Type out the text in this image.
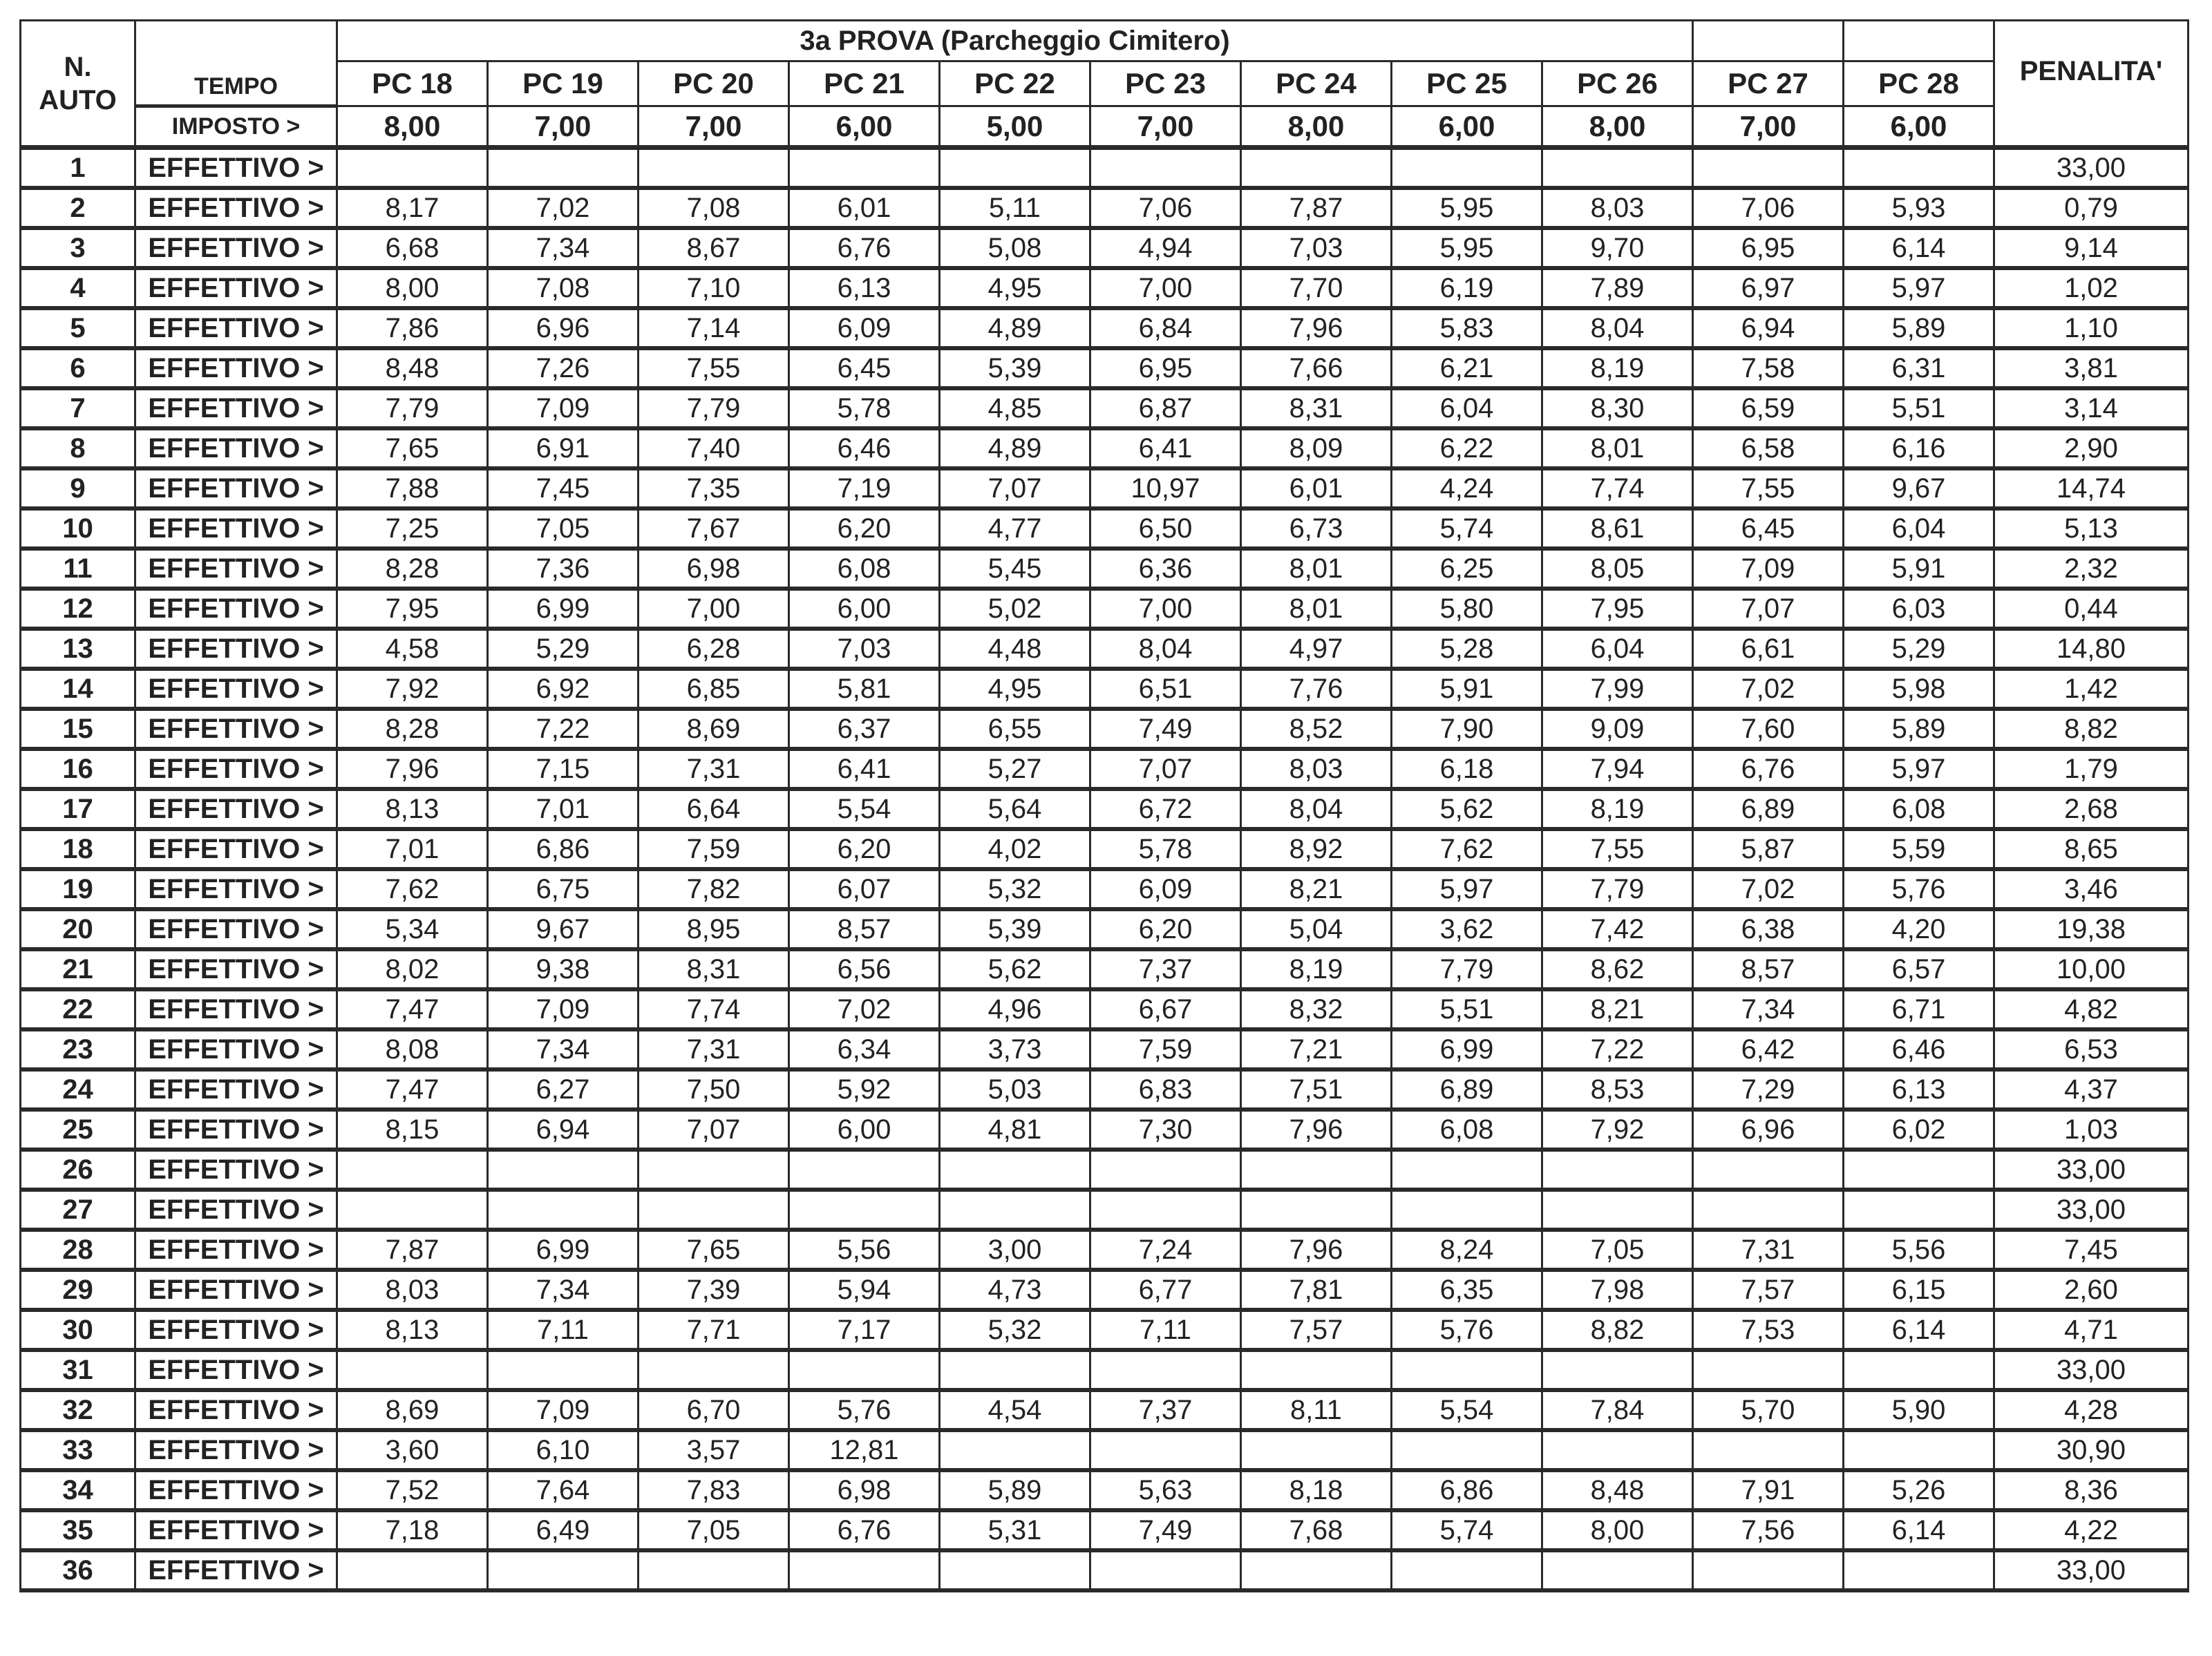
N.
AUTO	TEMPO	3a PROVA (Parcheggio Cimitero)											PENALITA'
		PC 18	PC 19	PC 20	PC 21	PC 22	PC 23	PC 24	PC 25	PC 26	PC 27	PC 28	
	IMPOSTO >	8,00	7,00	7,00	6,00	5,00	7,00	8,00	6,00	8,00	7,00	6,00	
1	EFFETTIVO >												33,00
2	EFFETTIVO >	8,17	7,02	7,08	6,01	5,11	7,06	7,87	5,95	8,03	7,06	5,93	0,79
3	EFFETTIVO >	6,68	7,34	8,67	6,76	5,08	4,94	7,03	5,95	9,70	6,95	6,14	9,14
4	EFFETTIVO >	8,00	7,08	7,10	6,13	4,95	7,00	7,70	6,19	7,89	6,97	5,97	1,02
5	EFFETTIVO >	7,86	6,96	7,14	6,09	4,89	6,84	7,96	5,83	8,04	6,94	5,89	1,10
6	EFFETTIVO >	8,48	7,26	7,55	6,45	5,39	6,95	7,66	6,21	8,19	7,58	6,31	3,81
7	EFFETTIVO >	7,79	7,09	7,79	5,78	4,85	6,87	8,31	6,04	8,30	6,59	5,51	3,14
8	EFFETTIVO >	7,65	6,91	7,40	6,46	4,89	6,41	8,09	6,22	8,01	6,58	6,16	2,90
9	EFFETTIVO >	7,88	7,45	7,35	7,19	7,07	10,97	6,01	4,24	7,74	7,55	9,67	14,74
10	EFFETTIVO >	7,25	7,05	7,67	6,20	4,77	6,50	6,73	5,74	8,61	6,45	6,04	5,13
11	EFFETTIVO >	8,28	7,36	6,98	6,08	5,45	6,36	8,01	6,25	8,05	7,09	5,91	2,32
12	EFFETTIVO >	7,95	6,99	7,00	6,00	5,02	7,00	8,01	5,80	7,95	7,07	6,03	0,44
13	EFFETTIVO >	4,58	5,29	6,28	7,03	4,48	8,04	4,97	5,28	6,04	6,61	5,29	14,80
14	EFFETTIVO >	7,92	6,92	6,85	5,81	4,95	6,51	7,76	5,91	7,99	7,02	5,98	1,42
15	EFFETTIVO >	8,28	7,22	8,69	6,37	6,55	7,49	8,52	7,90	9,09	7,60	5,89	8,82
16	EFFETTIVO >	7,96	7,15	7,31	6,41	5,27	7,07	8,03	6,18	7,94	6,76	5,97	1,79
17	EFFETTIVO >	8,13	7,01	6,64	5,54	5,64	6,72	8,04	5,62	8,19	6,89	6,08	2,68
18	EFFETTIVO >	7,01	6,86	7,59	6,20	4,02	5,78	8,92	7,62	7,55	5,87	5,59	8,65
19	EFFETTIVO >	7,62	6,75	7,82	6,07	5,32	6,09	8,21	5,97	7,79	7,02	5,76	3,46
20	EFFETTIVO >	5,34	9,67	8,95	8,57	5,39	6,20	5,04	3,62	7,42	6,38	4,20	19,38
21	EFFETTIVO >	8,02	9,38	8,31	6,56	5,62	7,37	8,19	7,79	8,62	8,57	6,57	10,00
22	EFFETTIVO >	7,47	7,09	7,74	7,02	4,96	6,67	8,32	5,51	8,21	7,34	6,71	4,82
23	EFFETTIVO >	8,08	7,34	7,31	6,34	3,73	7,59	7,21	6,99	7,22	6,42	6,46	6,53
24	EFFETTIVO >	7,47	6,27	7,50	5,92	5,03	6,83	7,51	6,89	8,53	7,29	6,13	4,37
25	EFFETTIVO >	8,15	6,94	7,07	6,00	4,81	7,30	7,96	6,08	7,92	6,96	6,02	1,03
26	EFFETTIVO >												33,00
27	EFFETTIVO >												33,00
28	EFFETTIVO >	7,87	6,99	7,65	5,56	3,00	7,24	7,96	8,24	7,05	7,31	5,56	7,45
29	EFFETTIVO >	8,03	7,34	7,39	5,94	4,73	6,77	7,81	6,35	7,98	7,57	6,15	2,60
30	EFFETTIVO >	8,13	7,11	7,71	7,17	5,32	7,11	7,57	5,76	8,82	7,53	6,14	4,71
31	EFFETTIVO >												33,00
32	EFFETTIVO >	8,69	7,09	6,70	5,76	4,54	7,37	8,11	5,54	7,84	5,70	5,90	4,28
33	EFFETTIVO >	3,60	6,10	3,57	12,81								30,90
34	EFFETTIVO >	7,52	7,64	7,83	6,98	5,89	5,63	8,18	6,86	8,48	7,91	5,26	8,36
35	EFFETTIVO >	7,18	6,49	7,05	6,76	5,31	7,49	7,68	5,74	8,00	7,56	6,14	4,22
36	EFFETTIVO >												33,00
